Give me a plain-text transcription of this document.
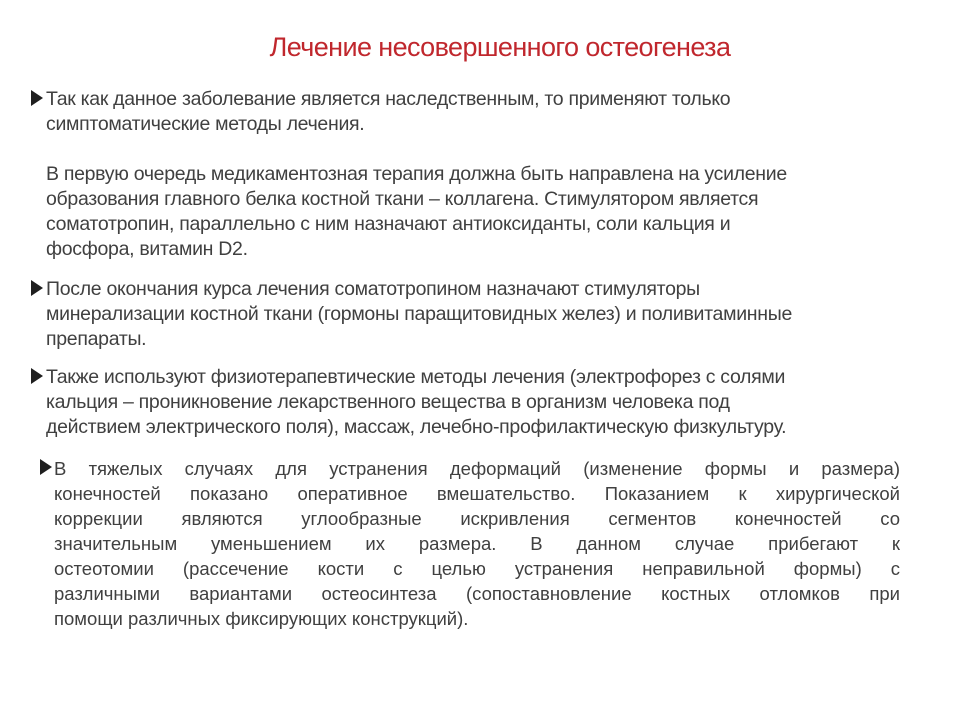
Лечение несовершенного остеогенеза
Так как данное заболевание является наследственным, то применяют только
симптоматические методы лечения.
В первую очередь медикаментозная терапия должна быть направлена на усиление
образования главного белка костной ткани – коллагена. Стимулятором является
соматотропин, параллельно с ним назначают антиоксиданты, соли кальция и
фосфора, витамин D2.
После окончания курса лечения соматотропином назначают стимуляторы
минерализации костной ткани (гормоны паращитовидных желез) и поливитаминные
препараты.
Также используют физиотерапевтические методы лечения (электрофорез с солями
кальция – проникновение лекарственного вещества в организм человека под
действием электрического поля), массаж, лечебно-профилактическую физкультуру.
В тяжелых случаях для устранения деформаций (изменение формы и размера)
конечностей показано оперативное вмешательство. Показанием к хирургической
коррекции являются углообразные искривления сегментов конечностей со
значительным уменьшением их размера. В данном случае прибегают к
остеотомии (рассечение кости с целью устранения неправильной формы) с
различными вариантами остеосинтеза (сопоставновление костных отломков при
помощи различных фиксирующих конструкций).
